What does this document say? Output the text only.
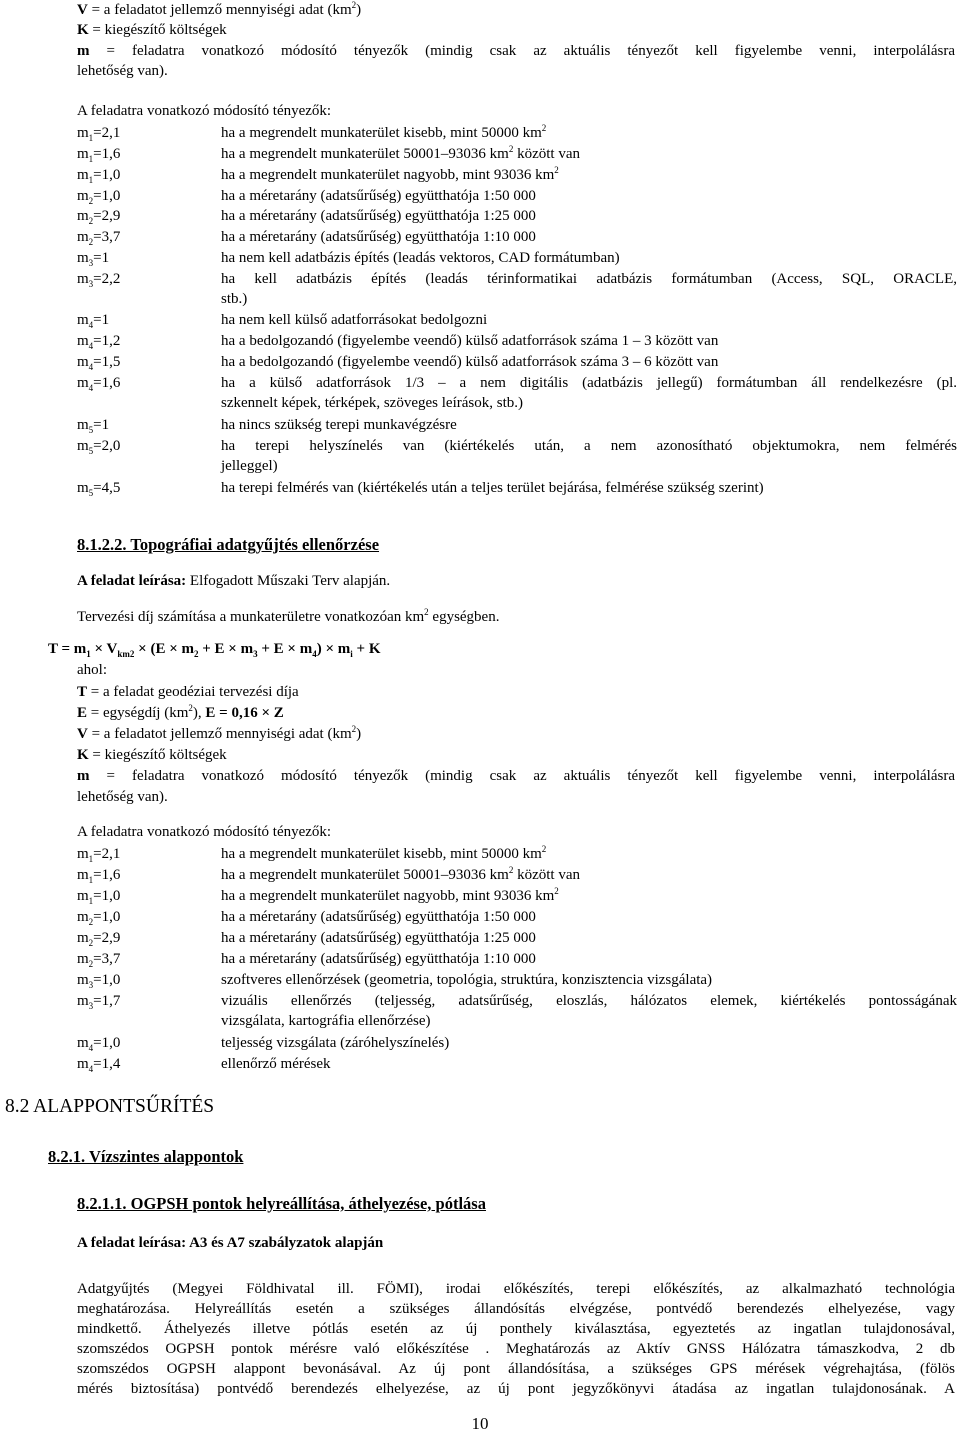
V = a feladatot jellemző mennyiségi adat $(km^2)$
K = kiegészítő költségek
m = feladatra vonatkozó módosító tényezők (mindig csak az aktuális tényezőt kell figyelembe venni, interpolálásra
lehetőség van).
A feladatra vonatkozó módosító tényezők:
$m_1=2,1$	ha a megrendelt munkaterület kisebb, mint 50000 $km^2$
$m_1=1,6$	ha a megrendelt munkaterület 50001–93036 $km^2$ között van
$m_1=1,0$	ha a megrendelt munkaterület nagyobb, mint 93036 $km^2$
$m_2=1,0$	ha a méretarány (adatsűrűség) együtthatója 1:50 000
$m_2=2,9$	ha a méretarány (adatsűrűség) együtthatója 1:25 000
$m_2=3,7$	ha a méretarány (adatsűrűség) együtthatója 1:10 000
$m_3=1$	ha nem kell adatbázis építés (leadás vektoros, CAD formátumban)
$m_3=2,2$	ha kell adatbázis építés (leadás térinformatikai adatbázis formátumban (Access, SQL, ORACLE,
stb.)
$m_4=1$	ha nem kell külső adatforrásokat bedolgozni
$m_4=1,2$	ha a bedolgozandó (figyelembe veendő) külső adatforrások száma 1 – 3 között van
$m_4=1,5$	ha a bedolgozandó (figyelembe veendő) külső adatforrások száma 3 – 6 között van
$m_4=1,6$	ha a külső adatforrások 1/3 – a nem digitális (adatbázis jellegű) formátumban áll rendelkezésre (pl.
szkennelt képek, térképek, szöveges leírások, stb.)
$m_5=1$	ha nincs szükség terepi munkavégzésre
$m_5=2,0$	ha terepi helyszínelés van (kiértékelés után, a nem azonosítható objektumokra, nem felmérés
jelleggel)
$m_5=4,5$	ha terepi felmérés van (kiértékelés után a teljes terület bejárása, felmérése szükség szerint)
8.1.2.2. Topográfiai adatgyűjtés ellenőrzése
A feladat leírása: Elfogadott Műszaki Terv alapján.
Tervezési díj számítása a munkaterületre vonatkozóan $km^2$ egységben.
$T = m_1 \times V_{km2} \times (E \times m_2 + E \times m_3 + E \times m_4) \times m_i + K$
ahol:
T = a feladat geodéziai tervezési díja
E = egységdíj $(km^2)$, E = 0,16 × Z
V = a feladatot jellemző mennyiségi adat $(km^2)$
K = kiegészítő költségek
m = feladatra vonatkozó módosító tényezők (mindig csak az aktuális tényezőt kell figyelembe venni, interpolálásra
lehetőség van).
A feladatra vonatkozó módosító tényezők:
$m_1=2,1$	ha a megrendelt munkaterület kisebb, mint 50000 $km^2$
$m_1=1,6$	ha a megrendelt munkaterület 50001–93036 $km^2$ között van
$m_1=1,0$	ha a megrendelt munkaterület nagyobb, mint 93036 $km^2$
$m_2=1,0$	ha a méretarány (adatsűrűség) együtthatója 1:50 000
$m_2=2,9$	ha a méretarány (adatsűrűség) együtthatója 1:25 000
$m_2=3,7$	ha a méretarány (adatsűrűség) együtthatója 1:10 000
$m_3=1,0$	szoftveres ellenőrzések (geometria, topológia, struktúra, konzisztencia vizsgálata)
$m_3=1,7$	vizuális ellenőrzés (teljesség, adatsűrűség, eloszlás, hálózatos elemek, kiértékelés pontosságának
vizsgálata, kartográfia ellenőrzése)
$m_4=1,0$	teljesség vizsgálata (záróhelyszínelés)
$m_4=1,4$	ellenőrző mérések
8.2 ALAPPONTSŰRÍTÉS
8.2.1. Vízszintes alappontok
8.2.1.1. OGPSH pontok helyreállítása, áthelyezése, pótlása
A feladat leírása: A3 és A7 szabályzatok alapján
Adatgyűjtés (Megyei Földhivatal ill. FÖMI), irodai előkészítés, terepi előkészítés, az alkalmazható technológia
meghatározása. Helyreállítás esetén a szükséges állandósítás elvégzése, pontvédő berendezés elhelyezése, vagy
mindkettő. Áthelyezés illetve pótlás esetén az új ponthely kiválasztása, egyeztetés az ingatlan tulajdonosával,
szomszédos OGPSH pontok mérésre való előkészítése . Meghatározás az Aktív GNSS Hálózatra támaszkodva, 2 db
szomszédos OGPSH alappont bevonásával. Az új pont állandósítása, a szükséges GPS mérések végrehajtása, (fölös
mérés biztosítása) pontvédő berendezés elhelyezése, az új pont jegyzőkönyvi átadása az ingatlan tulajdonosának. A
10
